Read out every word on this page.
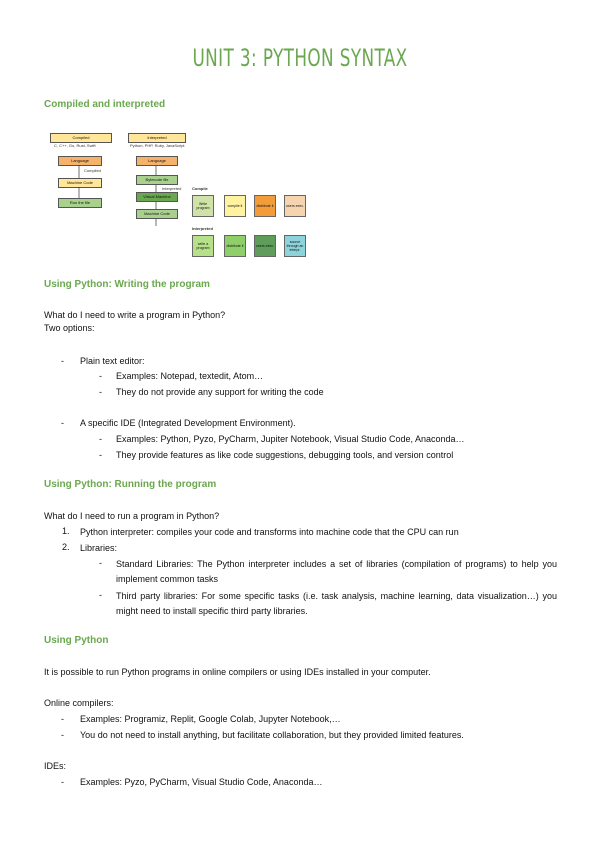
UNIT 3: PYTHON SYNTAX
Compiled and interpreted
Compiled
C, C++, Go, Rust, Swift
Language
Compiled
Machine Code
Run the file
Interpreted
Python, PHP, Ruby, JavaScript
Language
Bytecode file
Interpreted
Virtual Machine
Machine Code
Compile
Write program	compile it	distribute it	users exec.
Interpreted
write a program	distribute it	users exec.
source through an interpr.
Using Python: Writing the program
What do I need to write a program in Python?
Two options:
- Plain text editor:
- Examples: Notepad, textedit, Atom…
- They do not provide any support for writing the code
- A specific IDE (Integrated Development Environment).
- Examples: Python, Pyzo, PyCharm, Jupiter Notebook, Visual Studio Code, Anaconda…
- They provide features as like code suggestions, debugging tools, and version control
Using Python: Running the program
What do I need to run a program in Python?
1. Python interpreter: compiles your code and transforms into machine code that the CPU can run
2. Libraries:
- Standard Libraries: The Python interpreter includes a set of libraries (compilation of programs) to help you implement common tasks
- Third party libraries: For some specific tasks (i.e. task analysis, machine learning, data visualization…) you might need to install specific third party libraries.
Using Python
It is possible to run Python programs in online compilers or using IDEs installed in your computer.
Online compilers:
- Examples: Programiz, Replit, Google Colab, Jupyter Notebook,…
- You do not need to install anything, but facilitate collaboration, but they provided limited features.
IDEs:
- Examples: Pyzo, PyCharm, Visual Studio Code, Anaconda…
